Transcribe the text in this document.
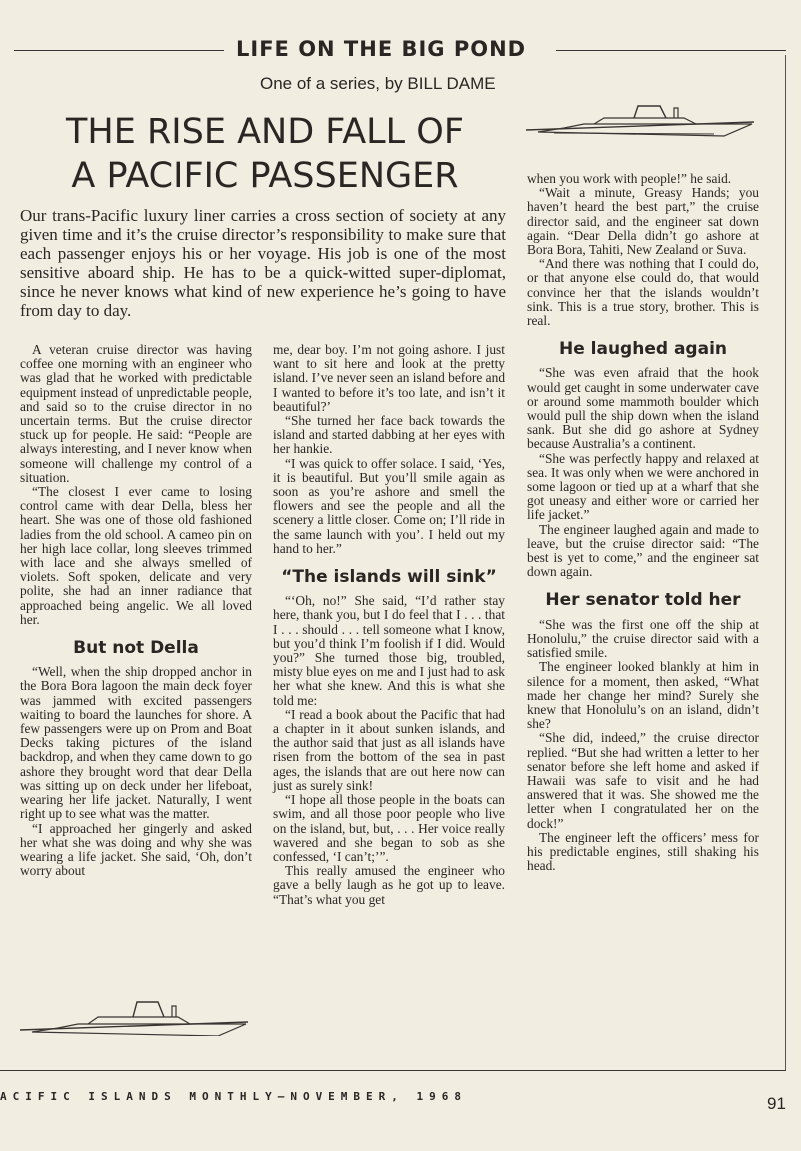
LIFE ON THE BIG POND
One of a series, by BILL DAME
THE RISE AND FALL OF
A PACIFIC PASSENGER
Our trans-Pacific luxury liner carries a cross section of society at any given time and it’s the cruise director’s responsibility to make sure that each passenger enjoys his or her voyage. His job is one of the most sensitive aboard ship. He has to be a quick-witted super-diplomat, since he never knows what kind of new experience he’s going to have from day to day.

A veteran cruise director was having coffee one morning with an engineer who was glad that he worked with predictable equipment instead of unpredictable people, and said so to the cruise director in no uncertain terms. But the cruise director stuck up for people. He said: “People are always interesting, and I never know when someone will challenge my control of a situation.

“The closest I ever came to losing control came with dear Della, bless her heart. She was one of those old fashioned ladies from the old school. A cameo pin on her high lace collar, long sleeves trimmed with lace and she always smelled of violets. Soft spoken, delicate and very polite, she had an inner radiance that approached being angelic. We all loved her.

But not Della

“Well, when the ship dropped anchor in the Bora Bora lagoon the main deck foyer was jammed with excited passengers waiting to board the launches for shore. A few passengers were up on Prom and Boat Decks taking pictures of the island backdrop, and when they came down to go ashore they brought word that dear Della was sitting up on deck under her lifeboat, wearing her life jacket. Naturally, I went right up to see what was the matter.

“I approached her gingerly and asked her what she was doing and why she was wearing a life jacket. She said, ‘Oh, don’t worry about

me, dear boy. I’m not going ashore. I just want to sit here and look at the pretty island. I’ve never seen an island before and I wanted to before it’s too late, and isn’t it beautiful?’

“She turned her face back towards the island and started dabbing at her eyes with her hankie.

“I was quick to offer solace. I said, ‘Yes, it is beautiful. But you’ll smile again as soon as you’re ashore and smell the flowers and see the people and all the scenery a little closer. Come on; I’ll ride in the same launch with you’. I held out my hand to her.”

“The islands will sink”

“‘Oh, no!” She said, “I’d rather stay here, thank you, but I do feel that I . . . that I . . . should . . . tell someone what I know, but you’d think I’m foolish if I did. Would you?” She turned those big, troubled, misty blue eyes on me and I just had to ask her what she knew. And this is what she told me:

“I read a book about the Pacific that had a chapter in it about sunken islands, and the author said that just as all islands have risen from the bottom of the sea in past ages, the islands that are out here now can just as surely sink!

“I hope all those people in the boats can swim, and all those poor people who live on the island, but, but, . . . Her voice really wavered and she began to sob as she confessed, ‘I can’t;’”.

This really amused the engineer who gave a belly laugh as he got up to leave. “That’s what you get

when you work with people!” he said.

“Wait a minute, Greasy Hands; you haven’t heard the best part,” the cruise director said, and the engineer sat down again. “Dear Della didn’t go ashore at Bora Bora, Tahiti, New Zealand or Suva.

“And there was nothing that I could do, or that anyone else could do, that would convince her that the islands wouldn’t sink. This is a true story, brother. This is real.

He laughed again

“She was even afraid that the hook would get caught in some underwater cave or around some mammoth boulder which would pull the ship down when the island sank. But she did go ashore at Sydney because Australia’s a continent.

“She was perfectly happy and relaxed at sea. It was only when we were anchored in some lagoon or tied up at a wharf that she got uneasy and either wore or carried her life jacket.”

The engineer laughed again and made to leave, but the cruise director said: “The best is yet to come,” and the engineer sat down again.

Her senator told her

“She was the first one off the ship at Honolulu,” the cruise director said with a satisfied smile.

The engineer looked blankly at him in silence for a moment, then asked, “What made her change her mind? Surely she knew that Honolulu’s on an island, didn’t she?

“She did, indeed,” the cruise director replied. “But she had written a letter to her senator before she left home and asked if Hawaii was safe to visit and he had answered that it was. She showed me the letter when I congratulated her on the dock!”

The engineer left the officers’ mess for his predictable engines, still shaking his head.

ACIFIC ISLANDS MONTHLY—NOVEMBER, 1968	91
